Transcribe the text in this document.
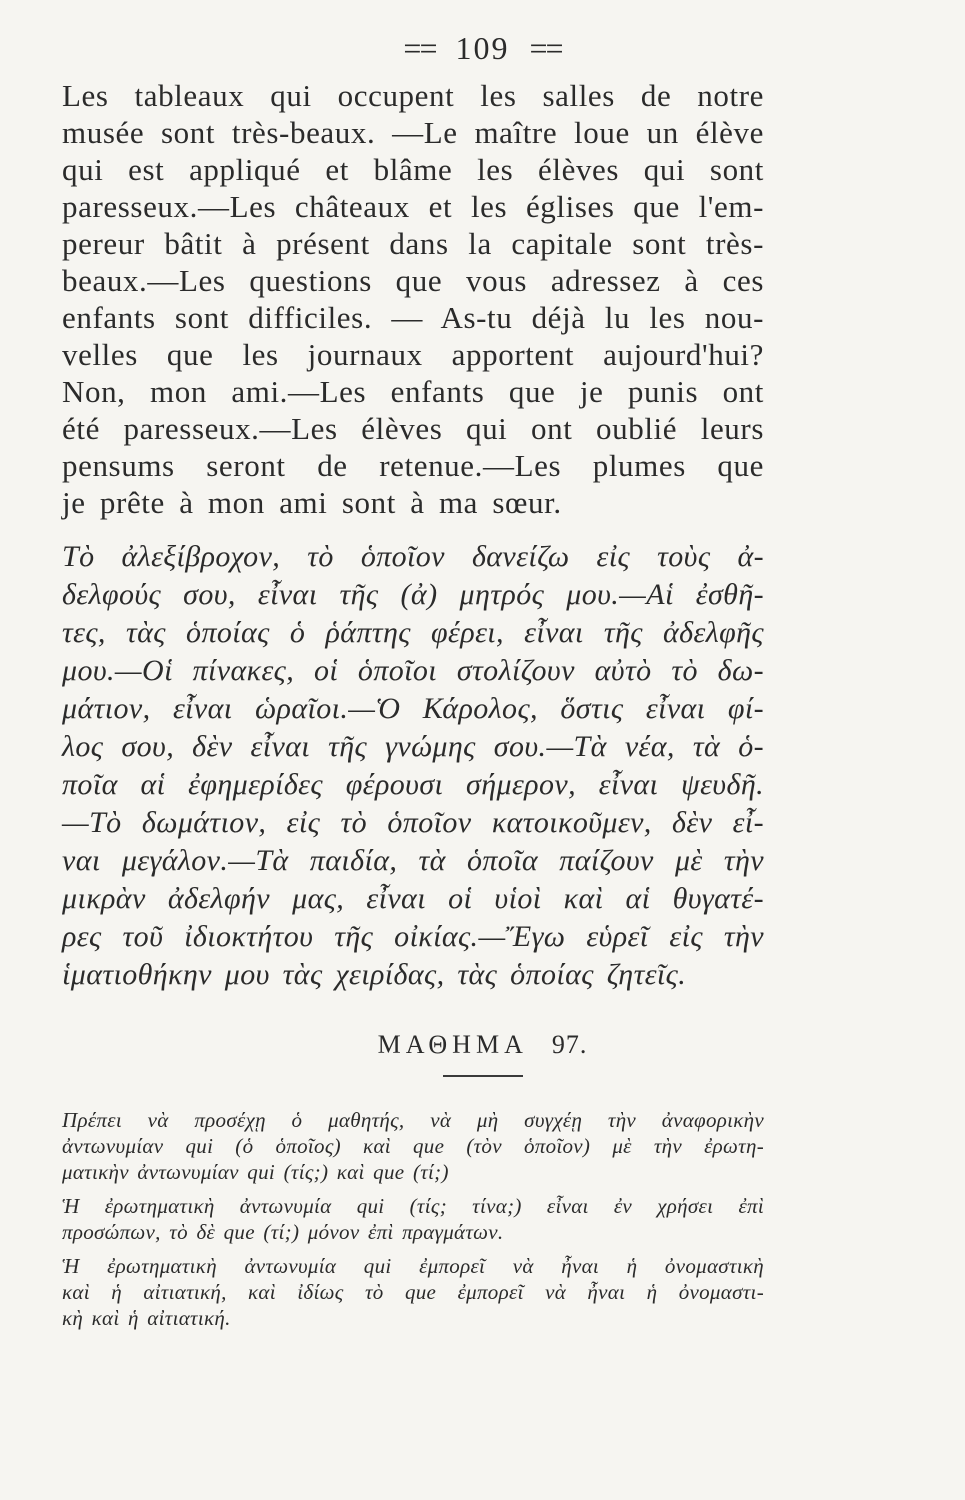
== 109 ==
Les tableaux qui occupent les salles de notre
musée sont très-beaux. —Le maître loue un élève
qui est appliqué et blâme les élèves qui sont
paresseux.—Les châteaux et les églises que l'em-
pereur bâtit à présent dans la capitale sont très-
beaux.—Les questions que vous adressez à ces
enfants sont difficiles. — As-tu déjà lu les nou-
velles que les journaux apportent aujourd'hui?
Non, mon ami.—Les enfants que je punis ont
été paresseux.—Les élèves qui ont oublié leurs
pensums seront de retenue.—Les plumes que
je prête à mon ami sont à ma sœur.
Τὸ ἀλεξίβροχον, τὸ ὁποῖον δανείζω εἰς τοὺς ἀ-
δελφούς σου, εἶναι τῆς (ἀ) μητρός μου.—Αἱ ἐσθῆ-
τες, τὰς ὁποίας ὁ ῥάπτης φέρει, εἶναι τῆς ἀδελφῆς
μου.—Οἱ πίνακες, οἱ ὁποῖοι στολίζουν αὐτὸ τὸ δω-
μάτιον, εἶναι ὡραῖοι.—Ὁ Κάρολος, ὅστις εἶναι φί-
λος σου, δὲν εἶναι τῆς γνώμης σου.—Τὰ νέα, τὰ ὁ-
ποῖα αἱ ἐφημερίδες φέρουσι σήμερον, εἶναι ψευδῆ.
—Τὸ δωμάτιον, εἰς τὸ ὁποῖον κατοικοῦμεν, δὲν εἶ-
ναι μεγάλον.—Τὰ παιδία, τὰ ὁποῖα παίζουν μὲ τὴν
μικρὰν ἀδελφήν μας, εἶναι οἱ υἱοὶ καὶ αἱ θυγατέ-
ρες τοῦ ἰδιοκτήτου τῆς οἰκίας.—Ἔγω εὑρεῖ εἰς τὴν
ἱματιοθήκην μου τὰς χειρίδας, τὰς ὁποίας ζητεῖς.
ΜΑΘΗΜΑ 97.
Πρέπει νὰ προσέχῃ ὁ μαθητής, νὰ μὴ συγχέῃ τὴν ἀναφορικὴν
ἀντωνυμίαν qui (ὁ ὁποῖος) καὶ que (τὸν ὁποῖον) μὲ τὴν ἐρωτη-
ματικὴν ἀντωνυμίαν qui (τίς;) καὶ que (τί;)
Ἡ ἐρωτηματικὴ ἀντωνυμία qui (τίς; τίνα;) εἶναι ἐν χρήσει ἐπὶ
προσώπων, τὸ δὲ que (τί;) μόνον ἐπὶ πραγμάτων.
Ἡ ἐρωτηματικὴ ἀντωνυμία qui ἐμπορεῖ νὰ ἦναι ἡ ὀνομαστικὴ
καὶ ἡ αἰτιατική, καὶ ἰδίως τὸ que ἐμπορεῖ νὰ ἦναι ἡ ὀνομαστι-
κὴ καὶ ἡ αἰτιατική.
